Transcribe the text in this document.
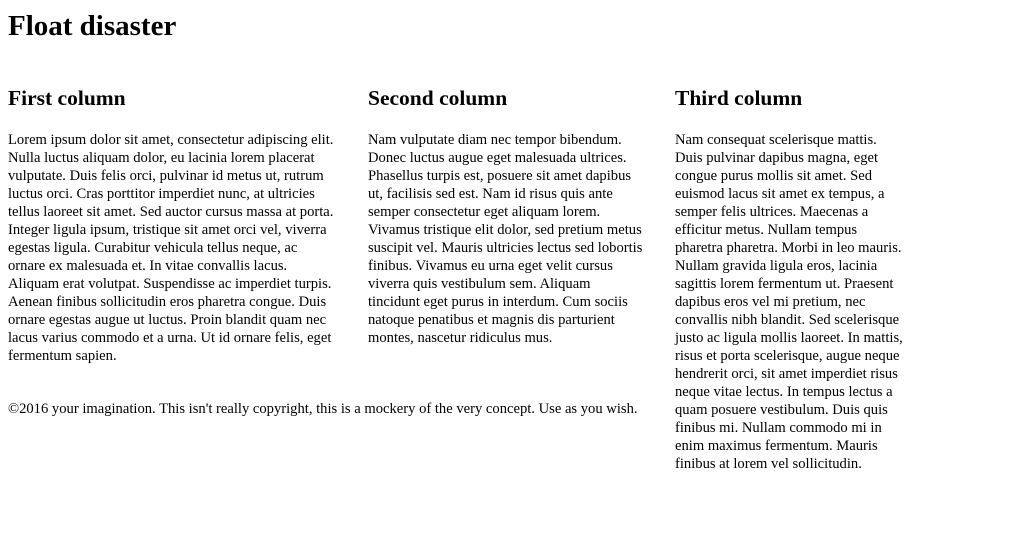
Float disaster
First column

Lorem ipsum dolor sit amet, consectetur adipiscing elit. Nulla luctus aliquam dolor, eu lacinia lorem placerat vulputate. Duis felis orci, pulvinar id metus ut, rutrum luctus orci. Cras porttitor imperdiet nunc, at ultricies tellus laoreet sit amet. Sed auctor cursus massa at porta. Integer ligula ipsum, tristique sit amet orci vel, viverra egestas ligula. Curabitur vehicula tellus neque, ac ornare ex malesuada et. In vitae convallis lacus. Aliquam erat volutpat. Suspendisse ac imperdiet turpis. Aenean finibus sollicitudin eros pharetra congue. Duis ornare egestas augue ut luctus. Proin blandit quam nec lacus varius commodo et a urna. Ut id ornare felis, eget fermentum sapien.

Second column

Nam vulputate diam nec tempor bibendum. Donec luctus augue eget malesuada ultrices. Phasellus turpis est, posuere sit amet dapibus ut, facilisis sed est. Nam id risus quis ante semper consectetur eget aliquam lorem. Vivamus tristique elit dolor, sed pretium metus suscipit vel. Mauris ultricies lectus sed lobortis finibus. Vivamus eu urna eget velit cursus viverra quis vestibulum sem. Aliquam tincidunt eget purus in interdum. Cum sociis natoque penatibus et magnis dis parturient montes, nascetur ridiculus mus.

Third column

Nam consequat scelerisque mattis. Duis pulvinar dapibus magna, eget congue purus mollis sit amet. Sed euismod lacus sit amet ex tempus, a semper felis ultrices. Maecenas a efficitur metus. Nullam tempus pharetra pharetra. Morbi in leo mauris. Nullam gravida ligula eros, lacinia sagittis lorem fermentum ut. Praesent dapibus eros vel mi pretium, nec convallis nibh blandit. Sed scelerisque justo ac ligula mollis laoreet. In mattis, risus et porta scelerisque, augue neque hendrerit orci, sit amet imperdiet risus neque vitae lectus. In tempus lectus a quam posuere vestibulum. Duis quis finibus mi. Nullam commodo mi in enim maximus fermentum. Mauris finibus at lorem vel sollicitudin.

©2016 your imagination. This isn't really copyright, this is a mockery of the very concept. Use as you wish.
